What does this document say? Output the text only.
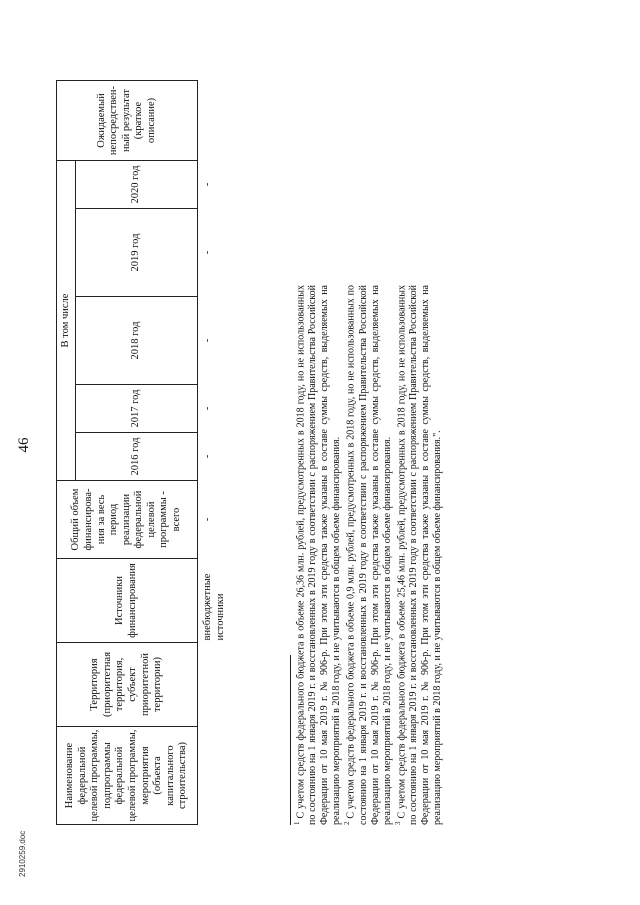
46
Наименование федеральной целевой программы, подпрограммы федеральной целевой программы, мероприятия (объекта капитального строительства)	Территория (приоритетная территория, субъект приоритетной территории)	Источники финансирования	Общий объем финансирова-ния за весь период реализации федеральной целевой программы - всего	В том числе					Ожидаемый непосредствен-ный результат (краткое описание)
				2016 год	2017 год	2018 год	2019 год	2020 год	
		внебюджетные источники	-	-	-	-	-	-	

$^1$ С учетом средств федерального бюджета в объеме 26,36 млн. рублей, предусмотренных в 2018 году, но не использованных по состоянию на 1 января 2019 г. и восстановленных в 2019 году в соответствии с распоряжением Правительства Российской Федерации от 10 мая 2019 г. № 906-р. При этом эти средства также указаны в составе суммы средств, выделяемых на реализацию мероприятий в 2018 году, и не учитываются в общем объеме финансирования. $^2$ С учетом средств федерального бюджета в объеме 0,9 млн. рублей, предусмотренных в 2018 году, но не использованных по состоянию на 1 января 2019 г. и восстановленных в 2019 году в соответствии с распоряжением Правительства Российской Федерации от 10 мая 2019 г. № 906-р. При этом эти средства также указаны в составе суммы средств, выделяемых на реализацию мероприятий в 2018 году, и не учитываются в общем объеме финансирования. $^3$ С учетом средств федерального бюджета в объеме 25,46 млн. рублей, предусмотренных в 2018 году, но не использованных по состоянию на 1 января 2019 г. и восстановленных в 2019 году в соответствии с распоряжением Правительства Российской Федерации от 10 мая 2019 г. № 906-р. При этом эти средства также указаны в составе суммы средств, выделяемых на реализацию мероприятий в 2018 году, и не учитываются в общем объеме финансирования.".

2910259.doc
